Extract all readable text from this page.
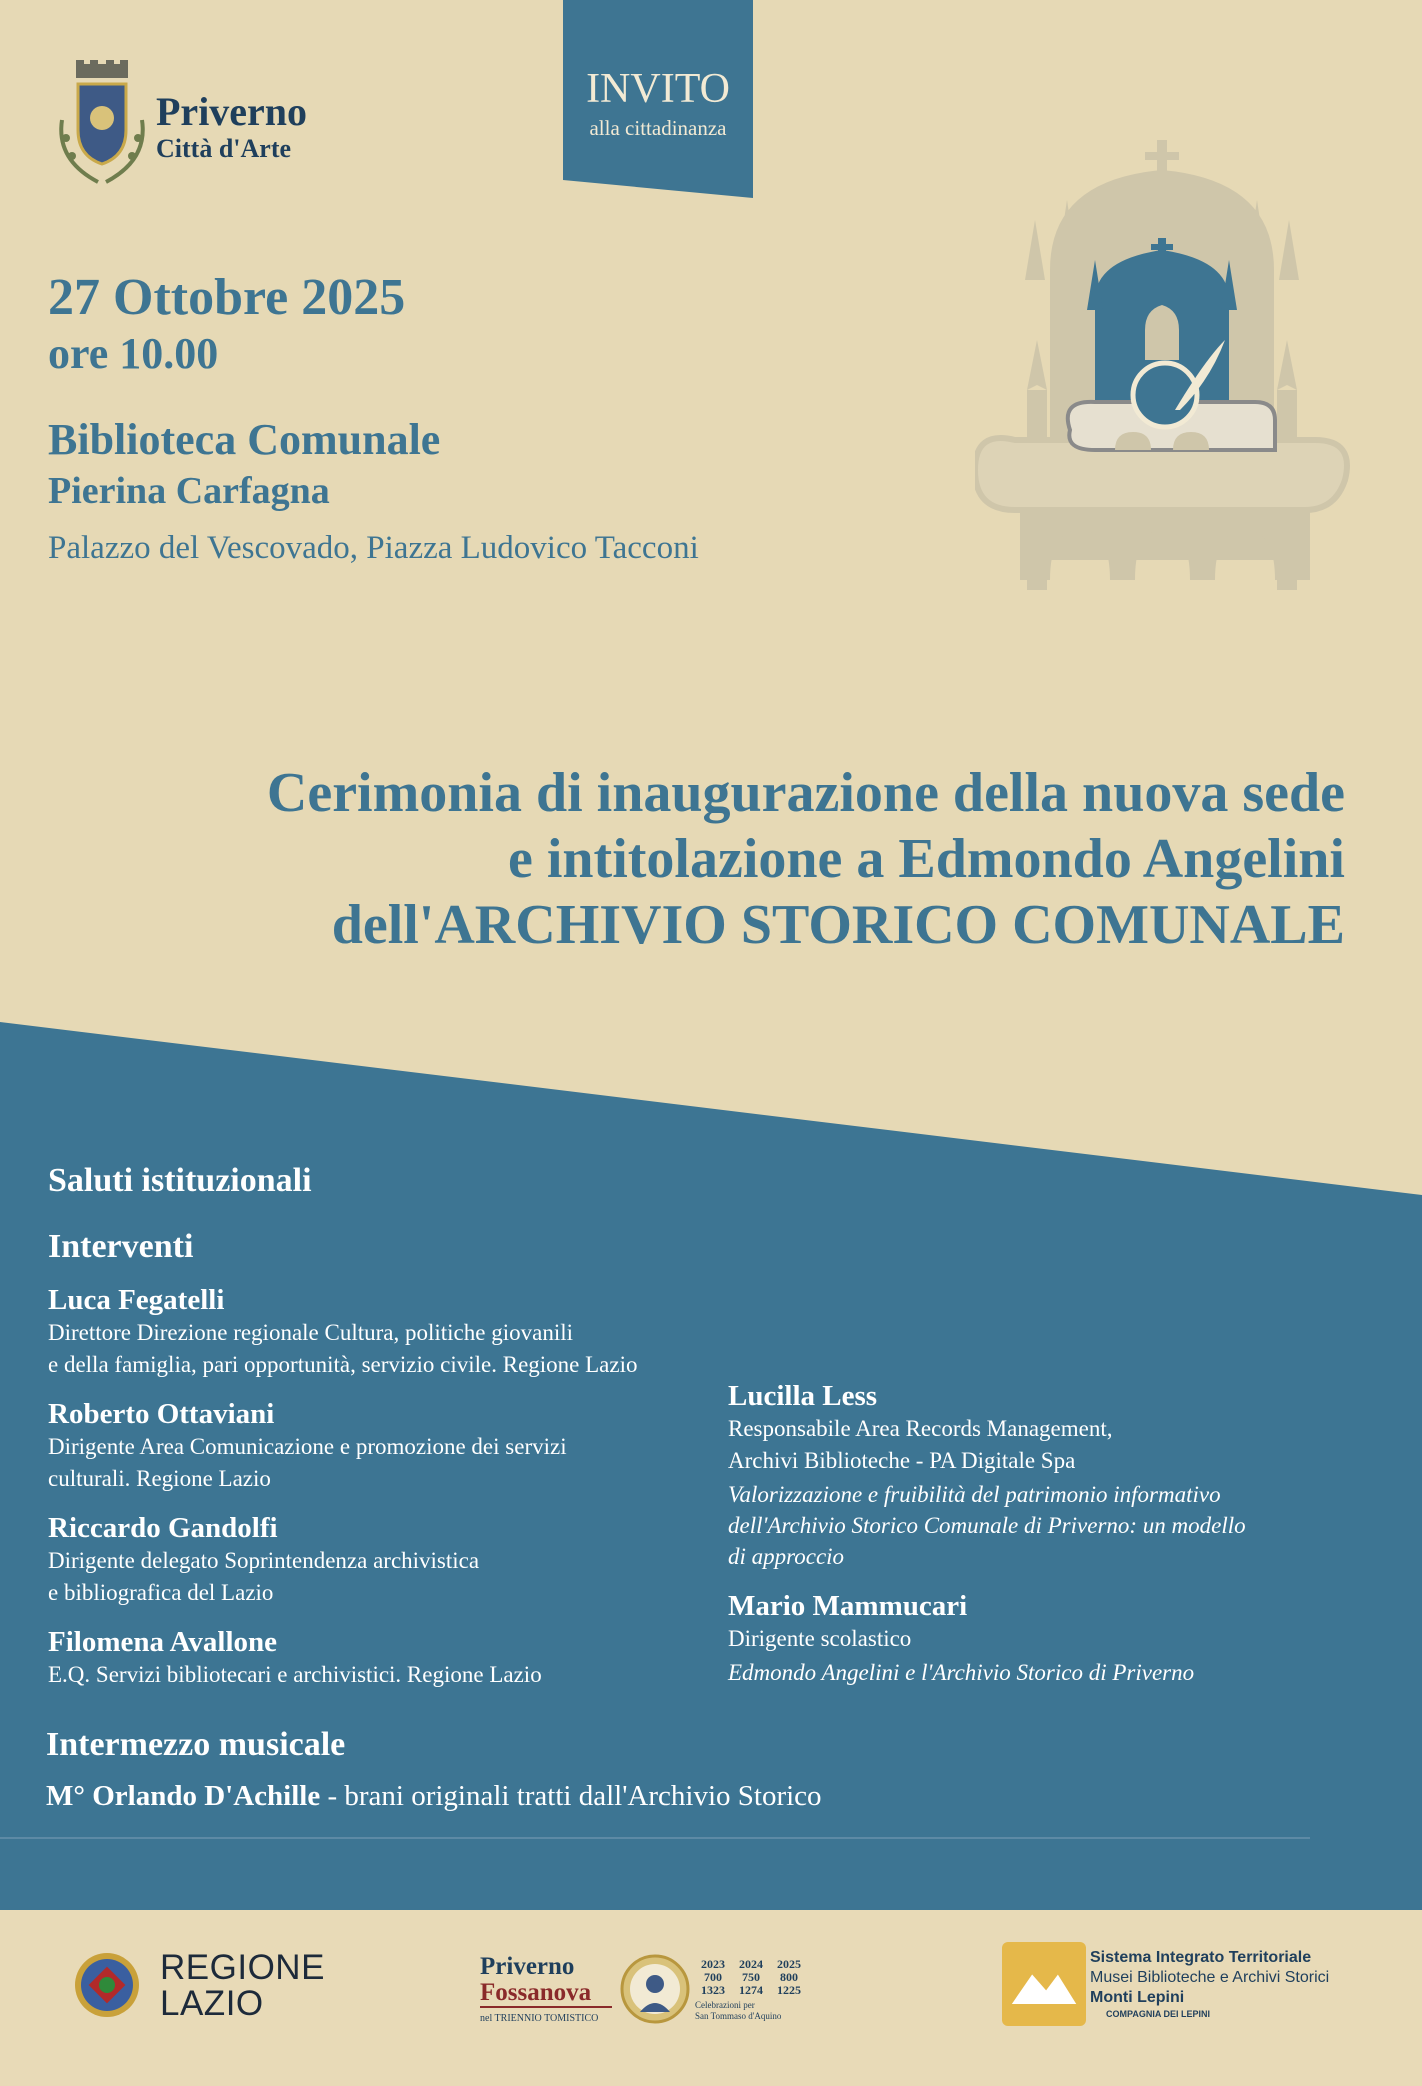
Priverno
Città d'Arte
INVITO
alla cittadinanza
27 Ottobre 2025
ore 10.00
Biblioteca Comunale
Pierina Carfagna
Palazzo del Vescovado, Piazza Ludovico Tacconi
Cerimonia di inaugurazione della nuova sede
e intitolazione a Edmondo Angelini
dell'ARCHIVIO STORICO COMUNALE
Saluti istituzionali
Interventi
Luca Fegatelli
Direttore Direzione regionale Cultura, politiche giovanili
e della famiglia, pari opportunità, servizio civile. Regione Lazio
Roberto Ottaviani
Dirigente Area Comunicazione e promozione dei servizi
culturali. Regione Lazio
Riccardo Gandolfi
Dirigente delegato Soprintendenza archivistica
e bibliografica del Lazio
Filomena Avallone
E.Q. Servizi bibliotecari e archivistici. Regione Lazio
Lucilla Less
Responsabile Area Records Management,
Archivi Biblioteche - PA Digitale Spa
Valorizzazione e fruibilità del patrimonio informativo
dell'Archivio Storico Comunale di Priverno: un modello
di approccio
Mario Mammucari
Dirigente scolastico
Edmondo Angelini e l'Archivio Storico di Priverno
Intermezzo musicale
M° Orlando D'Achille - brani originali tratti dall'Archivio Storico
REGIONE
LAZIO
Priverno
Fossanova
nel TRIENNIO TOMISTICO
2023
700
1323
2024
750
1274
2025
800
1225
Celebrazioni per
San Tommaso d'Aquino
Sistema Integrato Territoriale
Musei Biblioteche e Archivi Storici
Monti Lepini
COMPAGNIA DEI LEPINI
